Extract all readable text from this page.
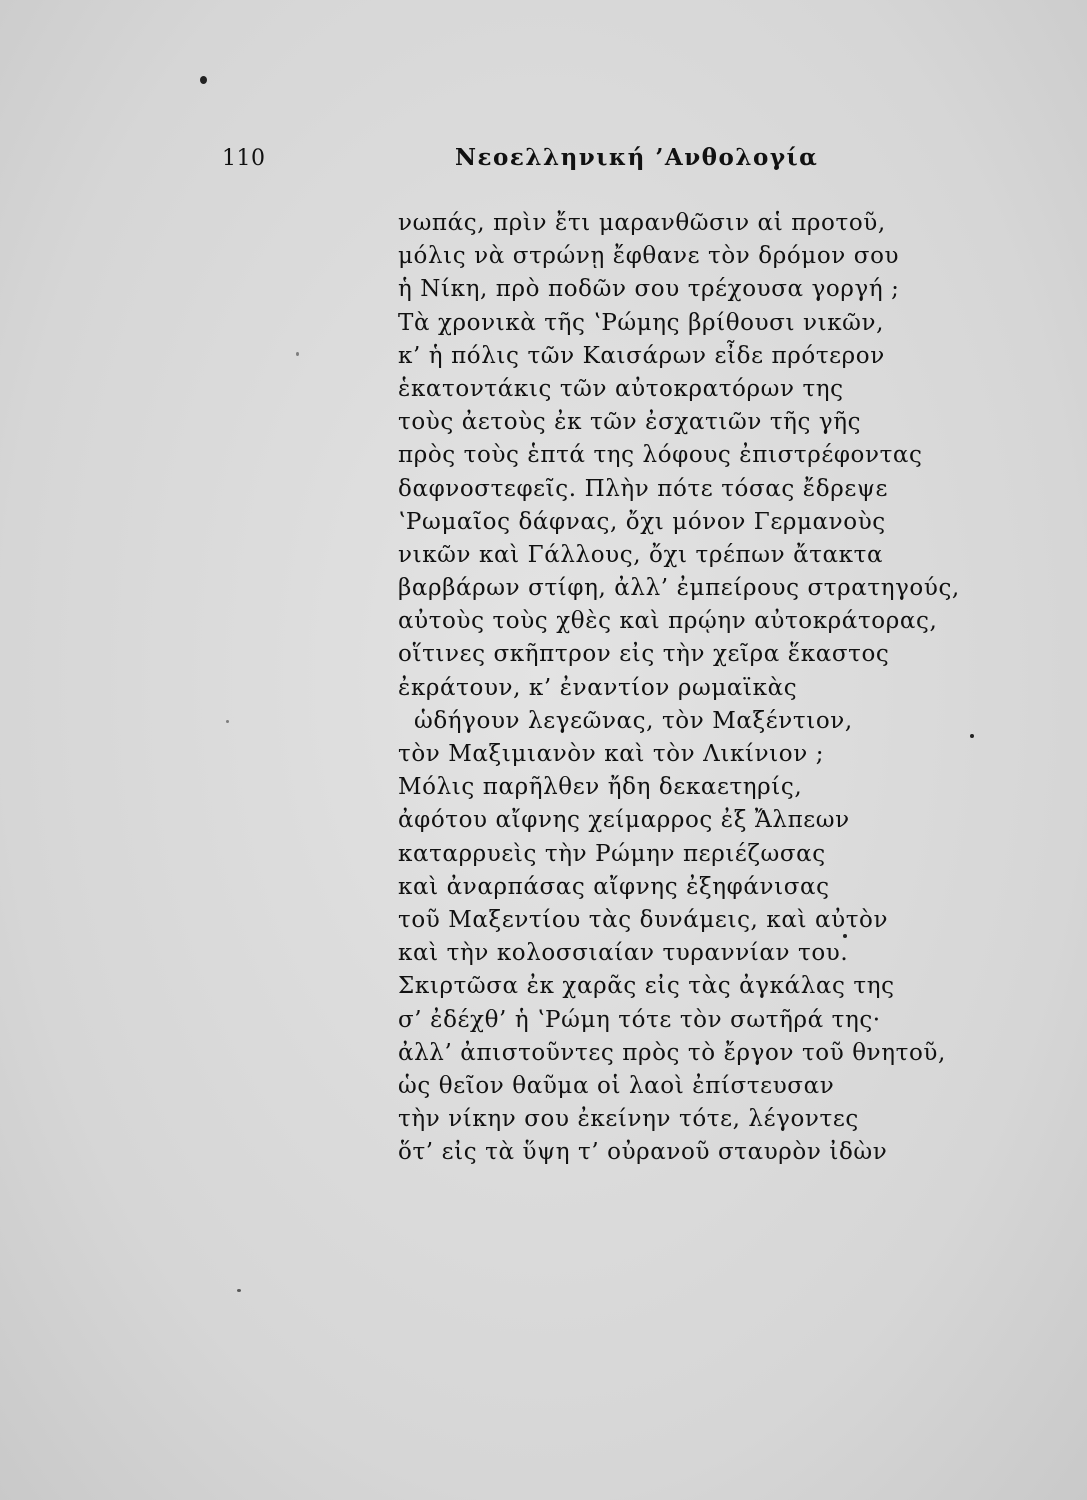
110	Νεοελληνική ’Ανθολογία
νωπάς, πρὶν ἔτι μαρανθῶσιν αἱ προτοῦ,
μόλις νὰ στρώνῃ ἔφθανε τὸν δρόμον σου
ἡ Νίκη, πρὸ ποδῶν σου τρέχουσα γοργή ;
Τὰ χρονικὰ τῆς ʽΡώμης βρίθουσι νικῶν,
κ’ ἡ πόλις τῶν Καισάρων εἶδε πρότερον
ἑκατοντάκις τῶν αὐτοκρατόρων της
τοὺς ἀετοὺς ἐκ τῶν ἐσχατιῶν τῆς γῆς
πρὸς τοὺς ἑπτά της λόφους ἐπιστρέφοντας
δαφνοστεφεῖς. Πλὴν πότε τόσας ἔδρεψε
ʽΡωμαῖος δάφνας, ὄχι μόνον Γερμανοὺς
νικῶν καὶ Γάλλους, ὄχι τρέπων ἄτακτα
βαρβάρων στίφη, ἀλλ’ ἐμπείρους στρατηγούς,
αὐτοὺς τοὺς χθὲς καὶ πρῴην αὐτοκράτορας,
οἵτινες σκῆπτρον εἰς τὴν χεῖρα ἕκαστος
ἐκράτουν, κ’ ἐναντίον ρωμαϊκὰς
ὡδήγουν λεγεῶνας, τὸν Μαξέντιον,
τὸν Μαξιμιανὸν καὶ τὸν Λικίνιον ;
Μόλις παρῆλθεν ἤδη δεκαετηρίς,
ἀφότου αἴφνης χείμαρρος ἐξ Ἄλπεων
καταρρυεὶς τὴν Ρώμην περιέζωσας
καὶ ἀναρπάσας αἴφνης ἐξηφάνισας
τοῦ Μαξεντίου τὰς δυνάμεις, καὶ αὐτὸν
καὶ τὴν κολοσσιαίαν τυραννίαν του.
Σκιρτῶσα ἐκ χαρᾶς εἰς τὰς ἀγκάλας της
σ’ ἐδέχθ’ ἡ ʽΡώμη τότε τὸν σωτῆρά της·
ἀλλ’ ἀπιστοῦντες πρὸς τὸ ἔργον τοῦ θνητοῦ,
ὡς θεῖον θαῦμα οἱ λαοὶ ἐπίστευσαν
τὴν νίκην σου ἐκείνην τότε, λέγοντες
ὅτ’ εἰς τὰ ὕψη τ’ οὐρανοῦ σταυρὸν ἰδὼν
